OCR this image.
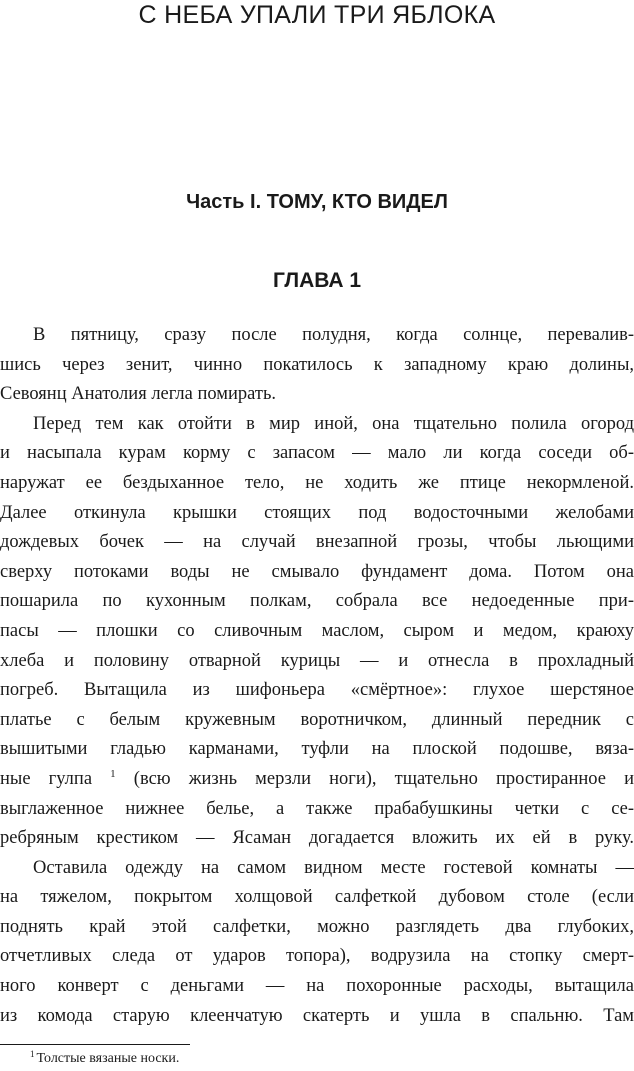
С НЕБА УПАЛИ ТРИ ЯБЛОКА
Часть I. ТОМУ, КТО ВИДЕЛ
ГЛАВА 1
В пятницу, сразу после полудня, когда солнце, перевалив-
шись через зенит, чинно покатилось к западному краю долины,
Севоянц Анатолия легла помирать.
Перед тем как отойти в мир иной, она тщательно полила огород
и насыпала курам корму с запасом — мало ли когда соседи об-
наружат ее бездыханное тело, не ходить же птице некормленой.
Далее откинула крышки стоящих под водосточными желобами
дождевых бочек — на случай внезапной грозы, чтобы льющими
сверху потоками воды не смывало фундамент дома. Потом она
пошарила по кухонным полкам, собрала все недоеденные при-
пасы — плошки со сливочным маслом, сыром и медом, краюху
хлеба и половину отварной курицы — и отнесла в прохладный
погреб. Вытащила из шифоньера «смёртное»: глухое шерстяное
платье с белым кружевным воротничком, длинный передник с
вышитыми гладью карманами, туфли на плоской подошве, вяза-
ные гулпа $^1$ (всю жизнь мерзли ноги), тщательно простиранное и
выглаженное нижнее белье, а также прабабушкины четки с се-
ребряным крестиком — Ясаман догадается вложить их ей в руку.
Оставила одежду на самом видном месте гостевой комнаты —
на тяжелом, покрытом холщовой салфеткой дубовом столе (если
поднять край этой салфетки, можно разглядеть два глубоких,
отчетливых следа от ударов топора), водрузила на стопку смерт-
ного конверт с деньгами — на похоронные расходы, вытащила
из комода старую клеенчатую скатерть и ушла в спальню. Там
$^1$ Толстые вязаные носки.
